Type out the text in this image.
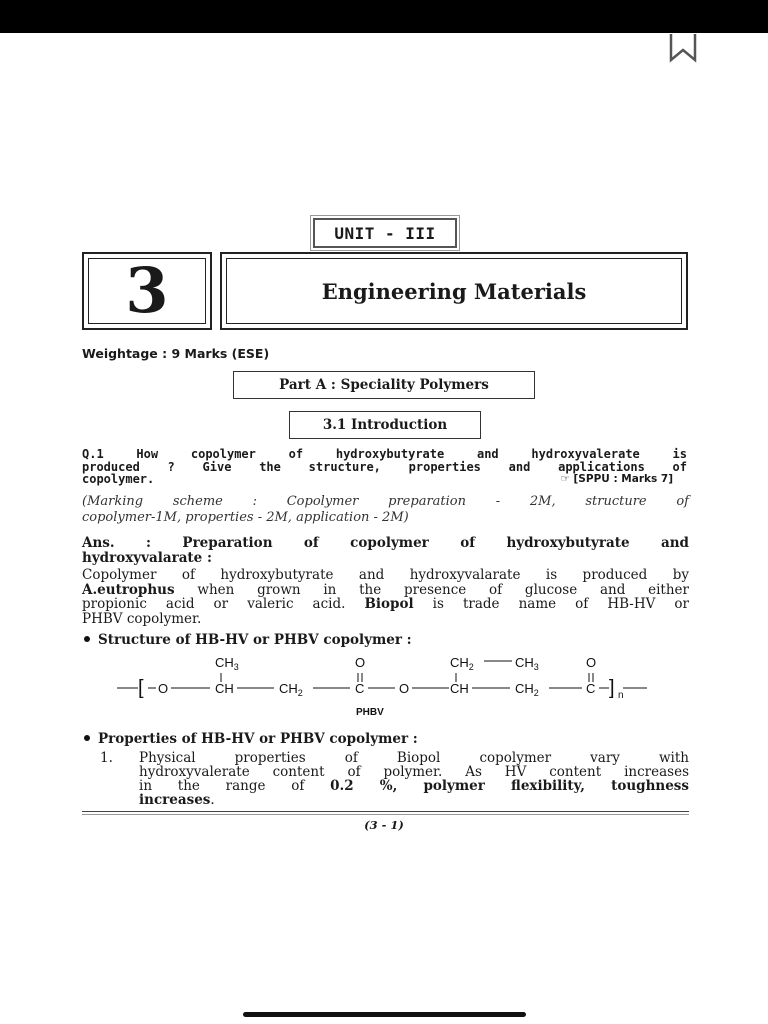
UNIT - III
3	Engineering Materials
Weightage : 9 Marks (ESE)
Part A : Speciality Polymers
3.1 Introduction
Q.1 How copolymer of hydroxybutyrate and hydroxyvalerate is
produced ? Give the structure, properties and applications of
copolymer.	☞ [SPPU : Marks 7]
(Marking scheme : Copolymer preparation - 2M, structure of
copolymer-1M, properties - 2M, application - 2M)
Ans. : Preparation of copolymer of hydroxybutyrate and
hydroxyvalarate :
Copolymer of hydroxybutyrate and hydroxyvalarate is produced by
A.eutrophus when grown in the presence of glucose and either
propionic acid or valeric acid. Biopol is trade name of HB-HV or
PHBV copolymer.
Structure of HB-HV or PHBV copolymer :
$CH_3$	O	$CH_2$	$CH_3$	O
[ O	CH	$CH_2$	C	O	CH	$CH_2$	C ] n
PHBV
Properties of HB-HV or PHBV copolymer :
1. Physical properties of Biopol copolymer vary with
hydroxyvalerate content of polymer. As HV content increases
in the range of 0.2 %, polymer flexibility, toughness
increases.
(3 - 1)
